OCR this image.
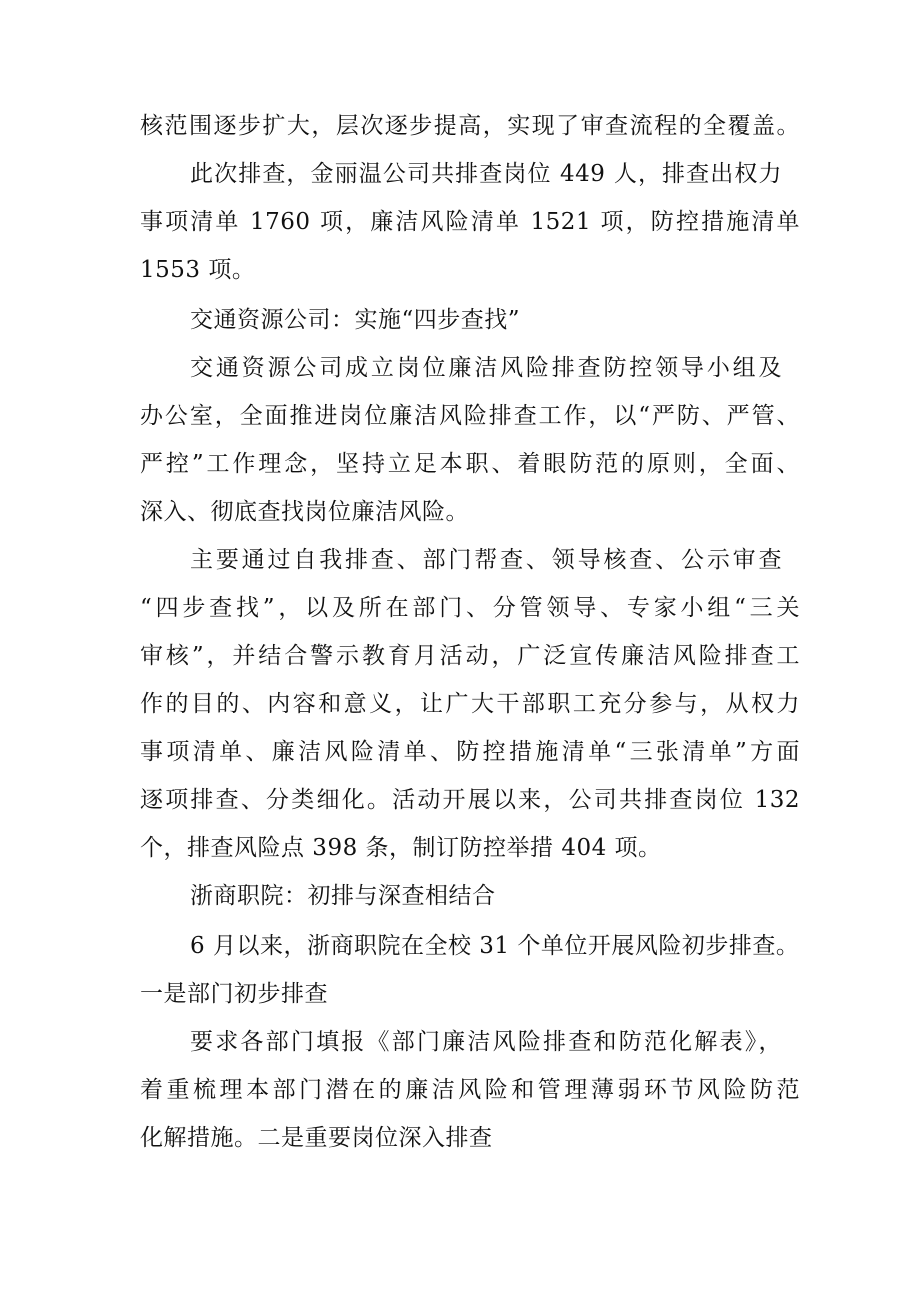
核范围逐步扩大，层次逐步提高，实现了审查流程的全覆盖。
此次排查，金丽温公司共排查岗位 449 人，排查出权力
事项清单 1760 项，廉洁风险清单 1521 项，防控措施清单
1553 项。
交通资源公司：实施“四步查找”
交通资源公司成立岗位廉洁风险排查防控领导小组及
办公室，全面推进岗位廉洁风险排查工作，以“严防、严管、
严控”工作理念，坚持立足本职、着眼防范的原则，全面、
深入、彻底查找岗位廉洁风险。
主要通过自我排查、部门帮查、领导核查、公示审查
“四步查找”，以及所在部门、分管领导、专家小组“三关
审核”，并结合警示教育月活动，广泛宣传廉洁风险排查工
作的目的、内容和意义，让广大干部职工充分参与，从权力
事项清单、廉洁风险清单、防控措施清单“三张清单”方面
逐项排查、分类细化。活动开展以来，公司共排查岗位 132
个，排查风险点 398 条，制订防控举措 404 项。
浙商职院：初排与深查相结合
6 月以来，浙商职院在全校 31 个单位开展风险初步排查。
一是部门初步排查
要求各部门填报《部门廉洁风险排查和防范化解表》，
着重梳理本部门潜在的廉洁风险和管理薄弱环节风险防范
化解措施。二是重要岗位深入排查
